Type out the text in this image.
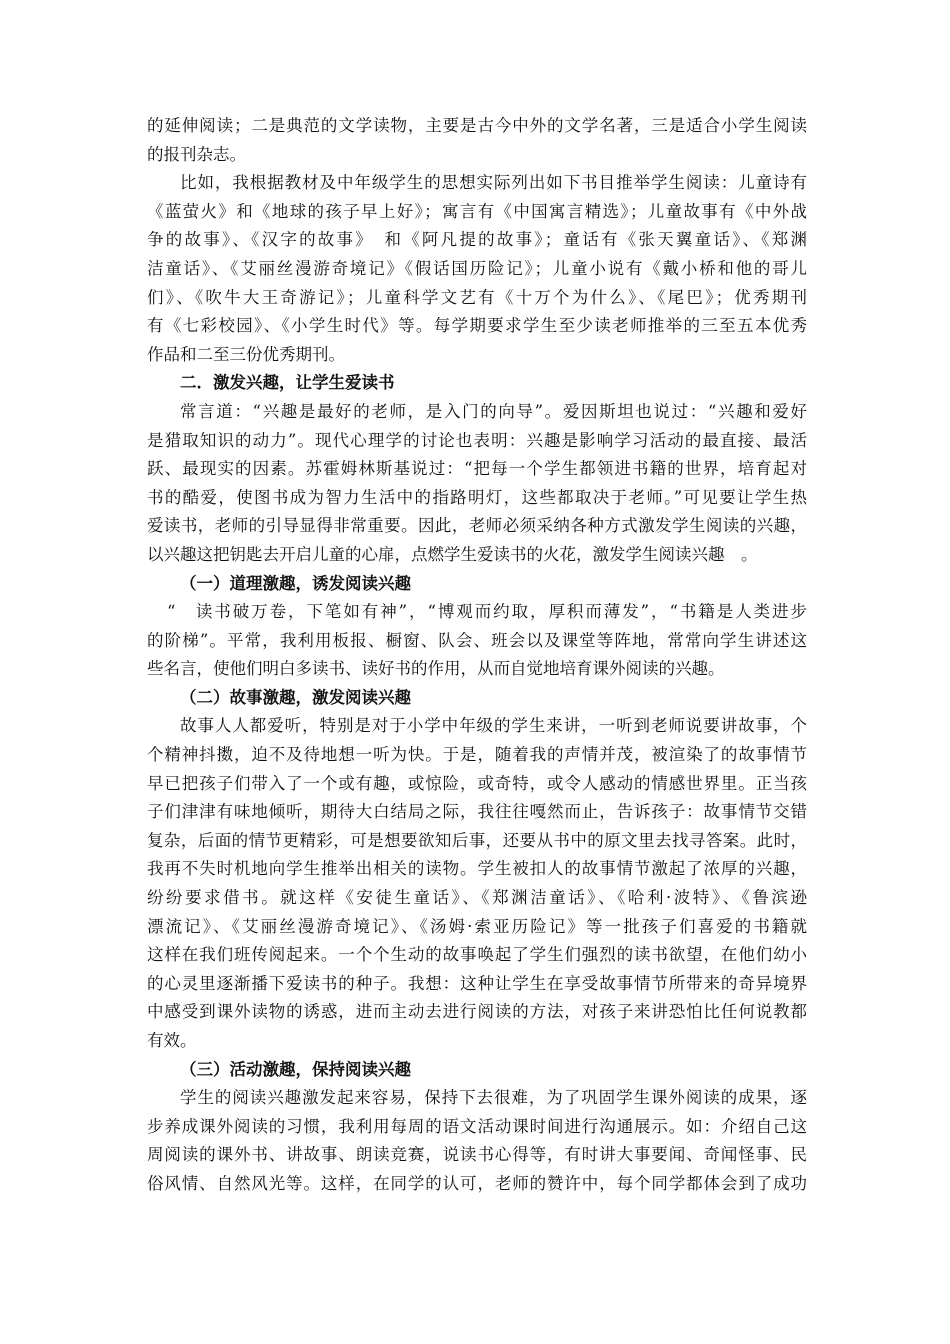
的延伸阅读；二是典范的文学读物，主要是古今中外的文学名著，三是适合小学生阅读
的报刊杂志。
比如，我根据教材及中年级学生的思想实际列出如下书目推举学生阅读：儿童诗有
《蓝萤火》和《地球的孩子早上好》；寓言有《中国寓言精选》；儿童故事有《中外战
争的故事》、《汉字的故事》　和《阿凡提的故事》；童话有《张天翼童话》、《郑渊
洁童话》、《艾丽丝漫游奇境记》《假话国历险记》；儿童小说有《戴小桥和他的哥儿
们》、《吹牛大王奇游记》；儿童科学文艺有《十万个为什么》、《尾巴》；优秀期刊
有《七彩校园》、《小学生时代》等。每学期要求学生至少读老师推举的三至五本优秀
作品和二至三份优秀期刊。
二．激发兴趣，让学生爱读书
常言道：“兴趣是最好的老师，是入门的向导”。爱因斯坦也说过：“兴趣和爱好
是猎取知识的动力”。现代心理学的讨论也表明：兴趣是影响学习活动的最直接、最活
跃、最现实的因素。苏霍姆林斯基说过：“把每一个学生都领进书籍的世界，培育起对
书的酷爱，使图书成为智力生活中的指路明灯，这些都取决于老师。”可见要让学生热
爱读书，老师的引导显得非常重要。因此，老师必须采纳各种方式激发学生阅读的兴趣，
以兴趣这把钥匙去开启儿童的心扉，点燃学生爱读书的火花，激发学生阅读兴趣　。
（一）道理激趣，诱发阅读兴趣
“　读书破万卷，下笔如有神”，“博观而约取，厚积而薄发”，“书籍是人类进步
的阶梯”。平常，我利用板报、橱窗、队会、班会以及课堂等阵地，常常向学生讲述这
些名言，使他们明白多读书、读好书的作用，从而自觉地培育课外阅读的兴趣。
（二）故事激趣，激发阅读兴趣
故事人人都爱听，特别是对于小学中年级的学生来讲，一听到老师说要讲故事，个
个精神抖擞，迫不及待地想一听为快。于是，随着我的声情并茂，被渲染了的故事情节
早已把孩子们带入了一个或有趣，或惊险，或奇特，或令人感动的情感世界里。正当孩
子们津津有味地倾听，期待大白结局之际，我往往嘎然而止，告诉孩子：故事情节交错
复杂，后面的情节更精彩，可是想要欲知后事，还要从书中的原文里去找寻答案。此时，
我再不失时机地向学生推举出相关的读物。学生被扣人的故事情节激起了浓厚的兴趣，
纷纷要求借书。就这样《安徒生童话》、《郑渊洁童话》、《哈利·波特》、《鲁滨逊
漂流记》、《艾丽丝漫游奇境记》、《汤姆·索亚历险记》等一批孩子们喜爱的书籍就
这样在我们班传阅起来。一个个生动的故事唤起了学生们强烈的读书欲望，在他们幼小
的心灵里逐渐播下爱读书的种子。我想：这种让学生在享受故事情节所带来的奇异境界
中感受到课外读物的诱惑，进而主动去进行阅读的方法，对孩子来讲恐怕比任何说教都
有效。
（三）活动激趣，保持阅读兴趣
学生的阅读兴趣激发起来容易，保持下去很难，为了巩固学生课外阅读的成果，逐
步养成课外阅读的习惯，我利用每周的语文活动课时间进行沟通展示。如：介绍自己这
周阅读的课外书、讲故事、朗读竞赛，说读书心得等，有时讲大事要闻、奇闻怪事、民
俗风情、自然风光等。这样，在同学的认可，老师的赞许中，每个同学都体会到了成功
